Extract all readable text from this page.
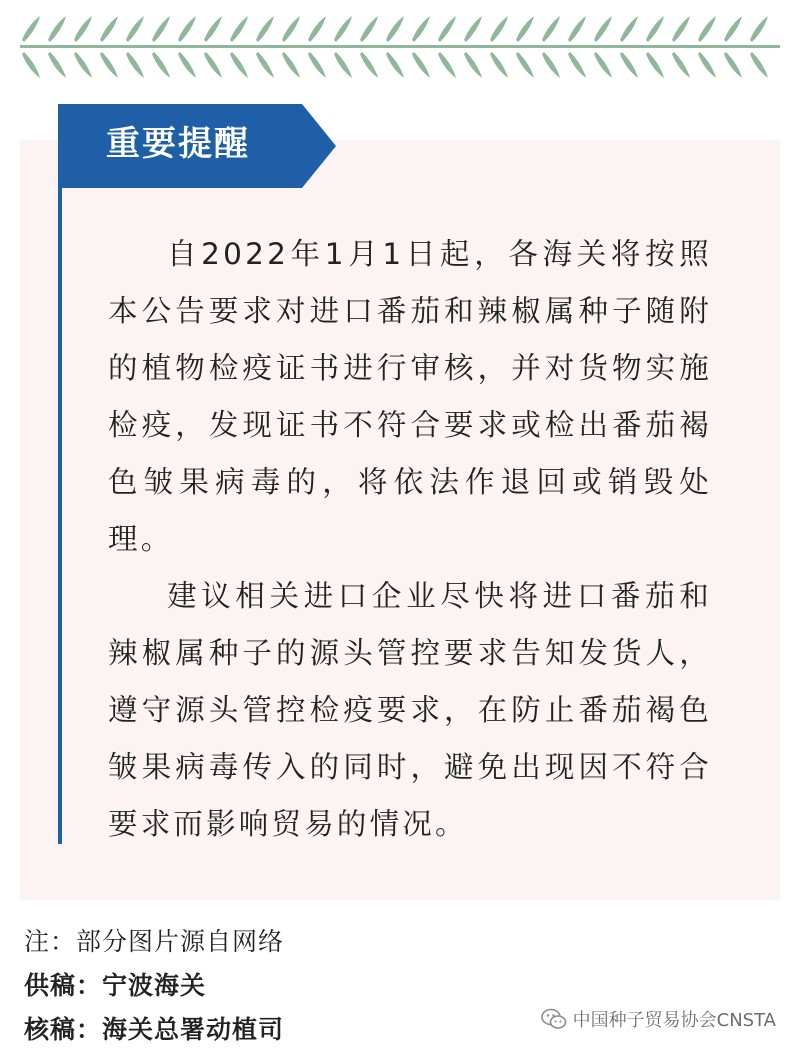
重要提醒

自2022年1月1日起，各海关将按照本公告要求对进口番茄和辣椒属种子随附的植物检疫证书进行审核，并对货物实施检疫，发现证书不符合要求或检出番茄褐色皱果病毒的，将依法作退回或销毁处理。

建议相关进口企业尽快将进口番茄和辣椒属种子的源头管控要求告知发货人，遵守源头管控检疫要求，在防止番茄褐色皱果病毒传入的同时，避免出现因不符合要求而影响贸易的情况。

注：部分图片源自网络
供稿：宁波海关
核稿：海关总署动植司	中国种子贸易协会CNSTA
